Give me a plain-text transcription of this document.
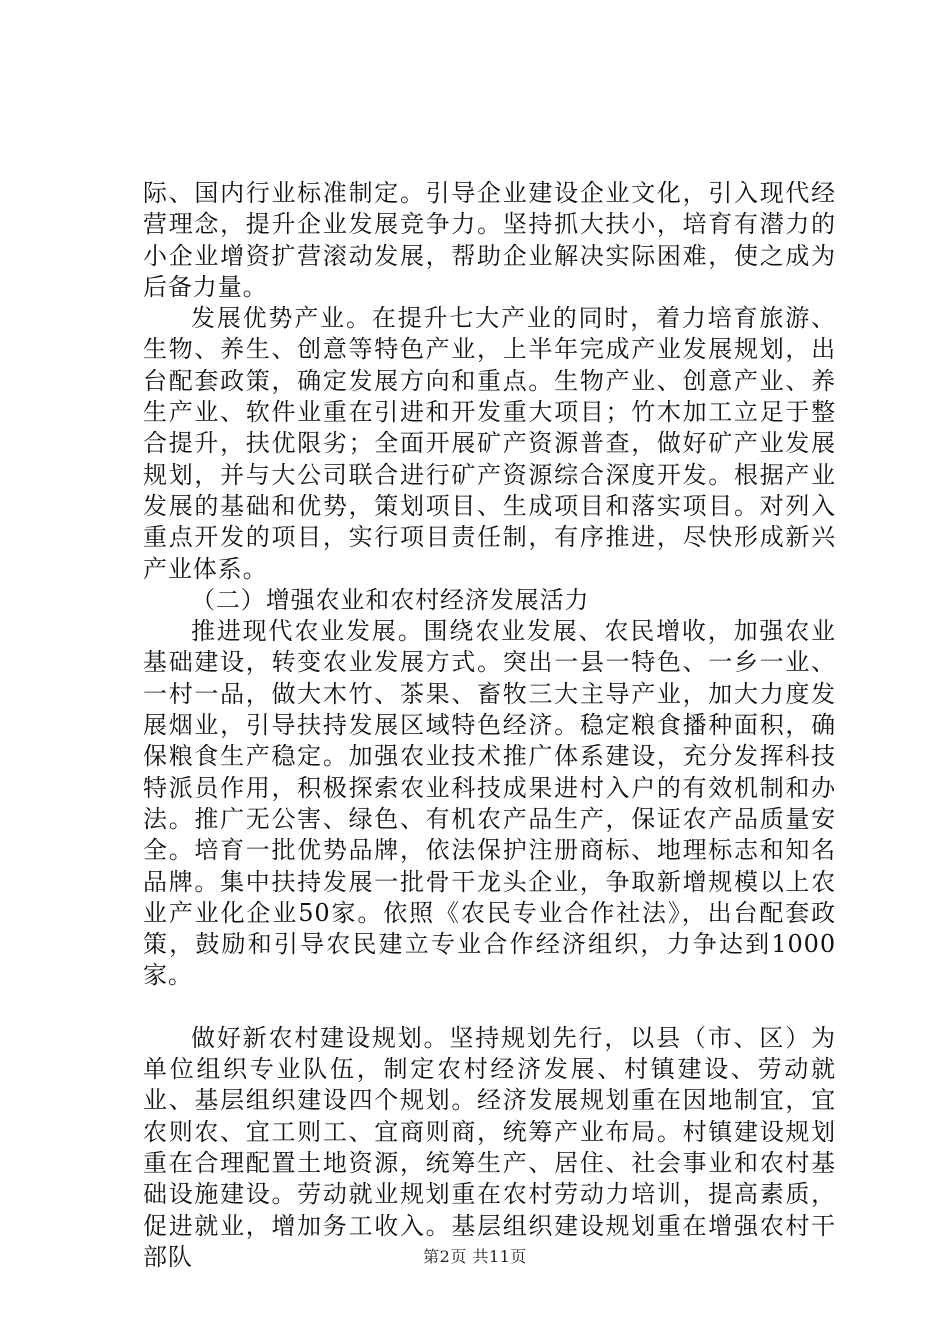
际、国内行业标准制定。引导企业建设企业文化，引入现代经营理念，提升企业发展竞争力。坚持抓大扶小，培育有潜力的小企业增资扩营滚动发展，帮助企业解决实际困难，使之成为后备力量。

发展优势产业。在提升七大产业的同时，着力培育旅游、生物、养生、创意等特色产业，上半年完成产业发展规划，出台配套政策，确定发展方向和重点。生物产业、创意产业、养生产业、软件业重在引进和开发重大项目；竹木加工立足于整合提升，扶优限劣；全面开展矿产资源普查，做好矿产业发展规划，并与大公司联合进行矿产资源综合深度开发。根据产业发展的基础和优势，策划项目、生成项目和落实项目。对列入重点开发的项目，实行项目责任制，有序推进，尽快形成新兴产业体系。

（二）增强农业和农村经济发展活力

推进现代农业发展。围绕农业发展、农民增收，加强农业基础建设，转变农业发展方式。突出一县一特色、一乡一业、一村一品，做大木竹、茶果、畜牧三大主导产业，加大力度发展烟业，引导扶持发展区域特色经济。稳定粮食播种面积，确保粮食生产稳定。加强农业技术推广体系建设，充分发挥科技特派员作用，积极探索农业科技成果进村入户的有效机制和办法。推广无公害、绿色、有机农产品生产，保证农产品质量安全。培育一批优势品牌，依法保护注册商标、地理标志和知名品牌。集中扶持发展一批骨干龙头企业，争取新增规模以上农业产业化企业50家。依照《农民专业合作社法》，出台配套政策，鼓励和引导农民建立专业合作经济组织，力争达到1000家。

做好新农村建设规划。坚持规划先行，以县（市、区）为单位组织专业队伍，制定农村经济发展、村镇建设、劳动就业、基层组织建设四个规划。经济发展规划重在因地制宜，宜农则农、宜工则工、宜商则商，统筹产业布局。村镇建设规划重在合理配置土地资源，统筹生产、居住、社会事业和农村基础设施建设。劳动就业规划重在农村劳动力培训，提高素质，促进就业，增加务工收入。基层组织建设规划重在增强农村干部队	第2页 共11页
